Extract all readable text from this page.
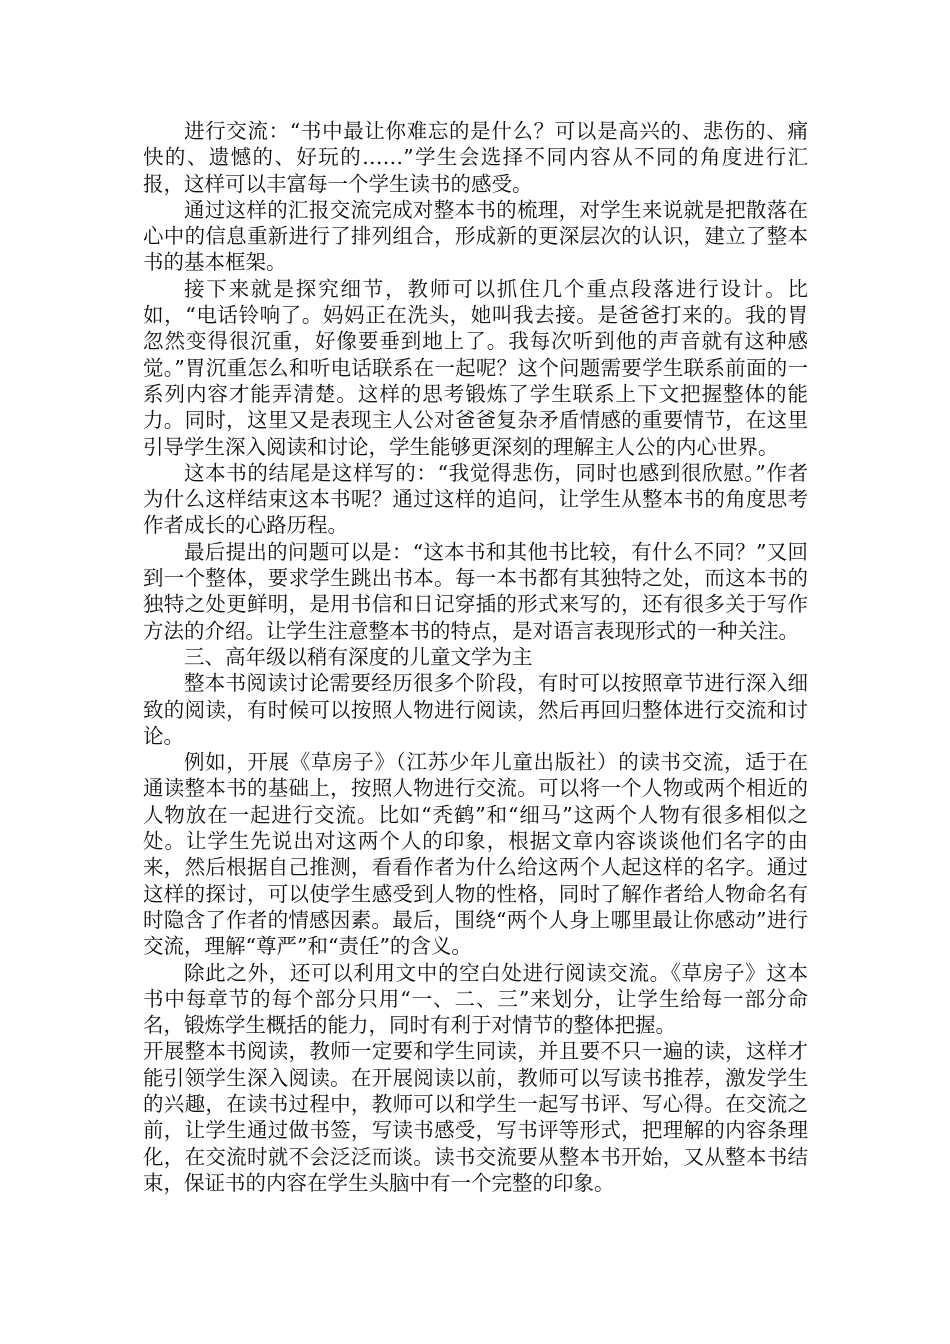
进行交流：“书中最让你难忘的是什么？可以是高兴的、悲伤的、痛快的、遗憾的、好玩的……”学生会选择不同内容从不同的角度进行汇报，这样可以丰富每一个学生读书的感受。

通过这样的汇报交流完成对整本书的梳理，对学生来说就是把散落在心中的信息重新进行了排列组合，形成新的更深层次的认识，建立了整本书的基本框架。

接下来就是探究细节，教师可以抓住几个重点段落进行设计。比如，“电话铃响了。妈妈正在洗头，她叫我去接。是爸爸打来的。我的胃忽然变得很沉重，好像要垂到地上了。我每次听到他的声音就有这种感觉。”胃沉重怎么和听电话联系在一起呢？这个问题需要学生联系前面的一系列内容才能弄清楚。这样的思考锻炼了学生联系上下文把握整体的能力。同时，这里又是表现主人公对爸爸复杂矛盾情感的重要情节，在这里引导学生深入阅读和讨论，学生能够更深刻的理解主人公的内心世界。

这本书的结尾是这样写的：“我觉得悲伤，同时也感到很欣慰。”作者为什么这样结束这本书呢？通过这样的追问，让学生从整本书的角度思考作者成长的心路历程。

最后提出的问题可以是：“这本书和其他书比较，有什么不同？”又回到一个整体，要求学生跳出书本。每一本书都有其独特之处，而这本书的独特之处更鲜明，是用书信和日记穿插的形式来写的，还有很多关于写作方法的介绍。让学生注意整本书的特点，是对语言表现形式的一种关注。

三、高年级以稍有深度的儿童文学为主

整本书阅读讨论需要经历很多个阶段，有时可以按照章节进行深入细致的阅读，有时候可以按照人物进行阅读，然后再回归整体进行交流和讨论。

例如，开展《草房子》（江苏少年儿童出版社）的读书交流，适于在通读整本书的基础上，按照人物进行交流。可以将一个人物或两个相近的人物放在一起进行交流。比如“秃鹤”和“细马”这两个人物有很多相似之处。让学生先说出对这两个人的印象，根据文章内容谈谈他们名字的由来，然后根据自己推测，看看作者为什么给这两个人起这样的名字。通过这样的探讨，可以使学生感受到人物的性格，同时了解作者给人物命名有时隐含了作者的情感因素。最后，围绕“两个人身上哪里最让你感动”进行交流，理解“尊严”和“责任”的含义。

除此之外，还可以利用文中的空白处进行阅读交流。《草房子》这本书中每章节的每个部分只用“一、二、三”来划分，让学生给每一部分命名，锻炼学生概括的能力，同时有利于对情节的整体把握。

开展整本书阅读，教师一定要和学生同读，并且要不只一遍的读，这样才能引领学生深入阅读。在开展阅读以前，教师可以写读书推荐，激发学生的兴趣，在读书过程中，教师可以和学生一起写书评、写心得。在交流之前，让学生通过做书签，写读书感受，写书评等形式，把理解的内容条理化，在交流时就不会泛泛而谈。读书交流要从整本书开始，又从整本书结束，保证书的内容在学生头脑中有一个完整的印象。
